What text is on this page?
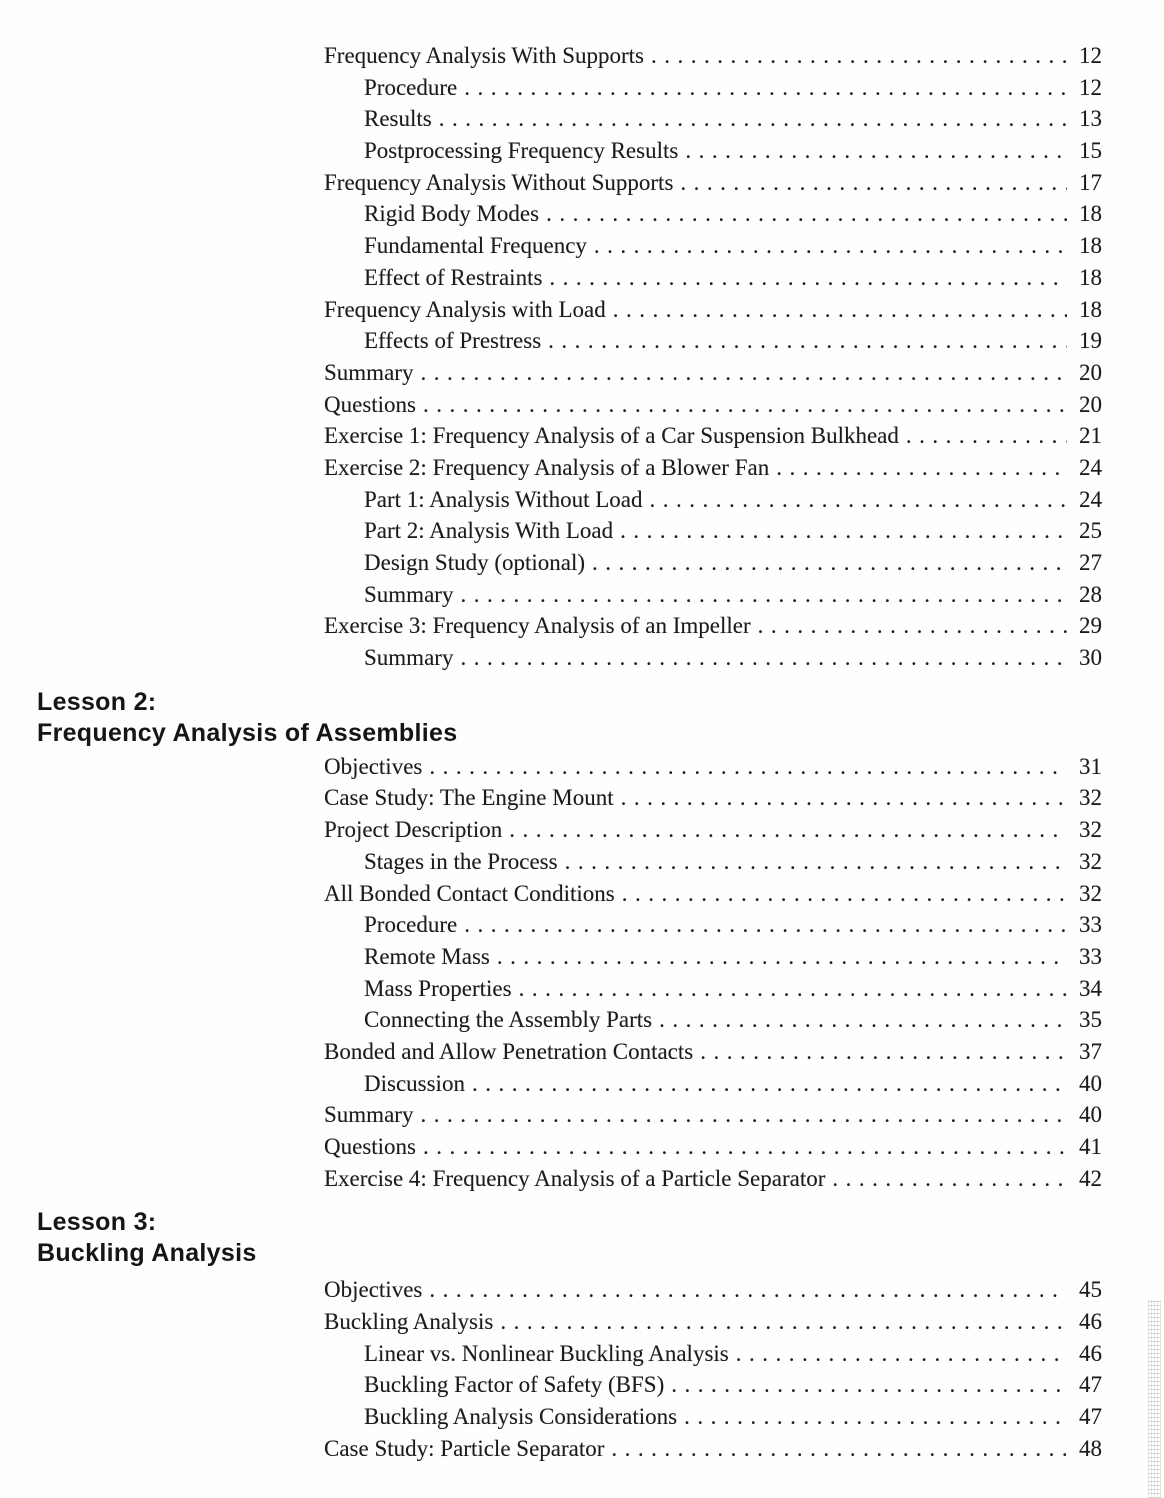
Frequency Analysis With Supports .....	12
Procedure .....	12
Results .....	13
Postprocessing Frequency Results .....	15
Frequency Analysis Without Supports .....	17
Rigid Body Modes .....	18
Fundamental Frequency .....	18
Effect of Restraints .....	18
Frequency Analysis with Load .....	18
Effects of Prestress .....	19
Summary .....	20
Questions .....	20
Exercise 1: Frequency Analysis of a Car Suspension Bulkhead .....	21
Exercise 2: Frequency Analysis of a Blower Fan .....	24
Part 1: Analysis Without Load .....	24
Part 2: Analysis With Load .....	25
Design Study (optional) .....	27
Summary .....	28
Exercise 3: Frequency Analysis of an Impeller .....	29
Summary .....	30
Lesson 2:
Frequency Analysis of Assemblies
Objectives .....	31
Case Study: The Engine Mount .....	32
Project Description .....	32
Stages in the Process .....	32
All Bonded Contact Conditions .....	32
Procedure .....	33
Remote Mass .....	33
Mass Properties .....	34
Connecting the Assembly Parts .....	35
Bonded and Allow Penetration Contacts .....	37
Discussion .....	40
Summary .....	40
Questions .....	41
Exercise 4: Frequency Analysis of a Particle Separator .....	42
Lesson 3:
Buckling Analysis
Objectives .....	45
Buckling Analysis .....	46
Linear vs. Nonlinear Buckling Analysis .....	46
Buckling Factor of Safety (BFS) .....	47
Buckling Analysis Considerations .....	47
Case Study: Particle Separator .....	48
